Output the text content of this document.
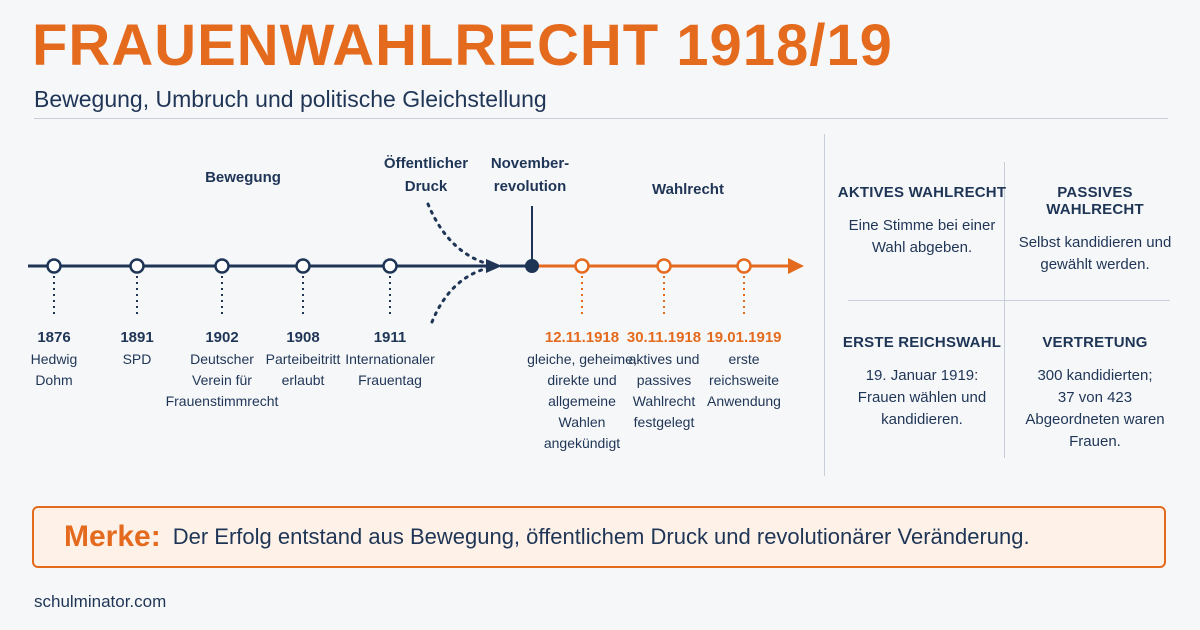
FRAUENWAHLRECHT 1918/19
Bewegung, Umbruch und politische Gleichstellung
Bewegung
Öffentlicher
Druck
November-
revolution	Wahlrecht
1876
Hedwig
Dohm
1891
SPD
1902
Deutscher
Verein für
Frauenstimmrecht
1908
Parteibeitritt
erlaubt
1911
Internationaler
Frauentag
12.11.1918
gleiche, geheime,
direkte und
allgemeine
Wahlen
angekündigt
30.11.1918
aktives und
passives
Wahlrecht
festgelegt
19.01.1919
erste
reichsweite
Anwendung
AKTIVES WAHLRECHT

Eine Stimme bei einer

Wahl abgeben.

PASSIVES WAHLRECHT

Selbst kandidieren und

gewählt werden.

ERSTE REICHSWAHL

19. Januar 1919:

Frauen wählen und

kandidieren.

VERTRETUNG

300 kandidierten;

37 von 423

Abgeordneten waren

Frauen.

Merke: Der Erfolg entstand aus Bewegung, öffentlichem Druck und revolutionärer Veränderung.
schulminator.com
